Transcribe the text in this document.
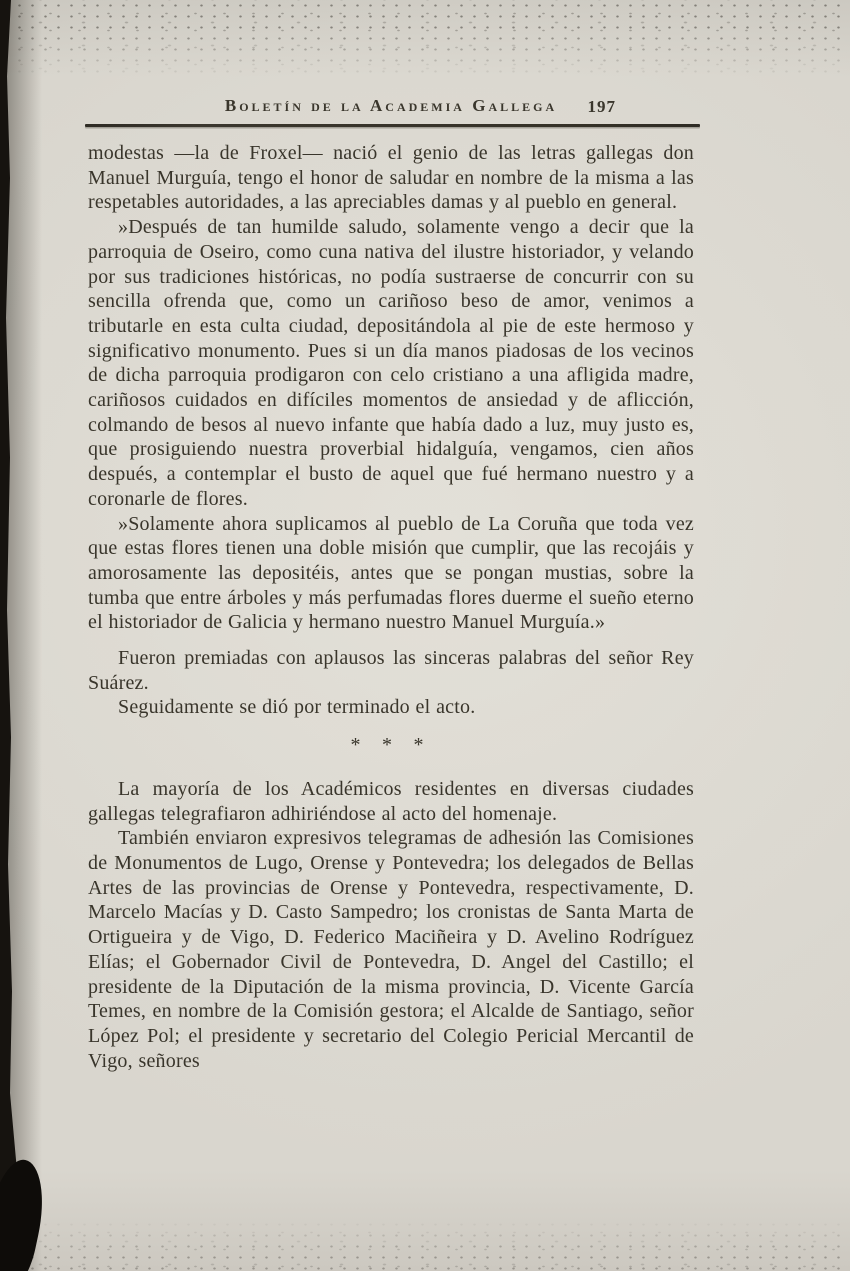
Boletín de la Academia Gallega 197

modestas —la de Froxel— nació el genio de las letras gallegas don Manuel Murguía, tengo el honor de saludar en nombre de la misma a las respetables autoridades, a las apreciables damas y al pueblo en general.

»Después de tan humilde saludo, solamente vengo a decir que la parroquia de Oseiro, como cuna nativa del ilustre historiador, y velando por sus tradiciones históricas, no podía sustraerse de concurrir con su sencilla ofrenda que, como un cariñoso beso de amor, venimos a tributarle en esta culta ciudad, depositándola al pie de este hermoso y significativo monumento. Pues si un día manos piadosas de los vecinos de dicha parroquia prodigaron con celo cristiano a una afligida madre, cariñosos cuidados en difíciles momentos de ansiedad y de aflicción, colmando de besos al nuevo infante que había dado a luz, muy justo es, que prosiguiendo nuestra proverbial hidalguía, vengamos, cien años después, a contemplar el busto de aquel que fué hermano nuestro y a coronarle de flores.

»Solamente ahora suplicamos al pueblo de La Coruña que toda vez que estas flores tienen una doble misión que cumplir, que las recojáis y amorosamente las depositéis, antes que se pongan mustias, sobre la tumba que entre árboles y más perfumadas flores duerme el sueño eterno el historiador de Galicia y hermano nuestro Manuel Murguía.»

Fueron premiadas con aplausos las sinceras palabras del señor Rey Suárez.

Seguidamente se dió por terminado el acto.

* * *

La mayoría de los Académicos residentes en diversas ciudades gallegas telegrafiaron adhiriéndose al acto del homenaje.

También enviaron expresivos telegramas de adhesión las Comisiones de Monumentos de Lugo, Orense y Pontevedra; los delegados de Bellas Artes de las provincias de Orense y Pontevedra, respectivamente, D. Marcelo Macías y D. Casto Sampedro; los cronistas de Santa Marta de Ortigueira y de Vigo, D. Federico Maciñeira y D. Avelino Rodríguez Elías; el Gobernador Civil de Pontevedra, D. Angel del Castillo; el presidente de la Diputación de la misma provincia, D. Vicente García Temes, en nombre de la Comisión gestora; el Alcalde de Santiago, señor López Pol; el presidente y secretario del Colegio Pericial Mercantil de Vigo, señores
